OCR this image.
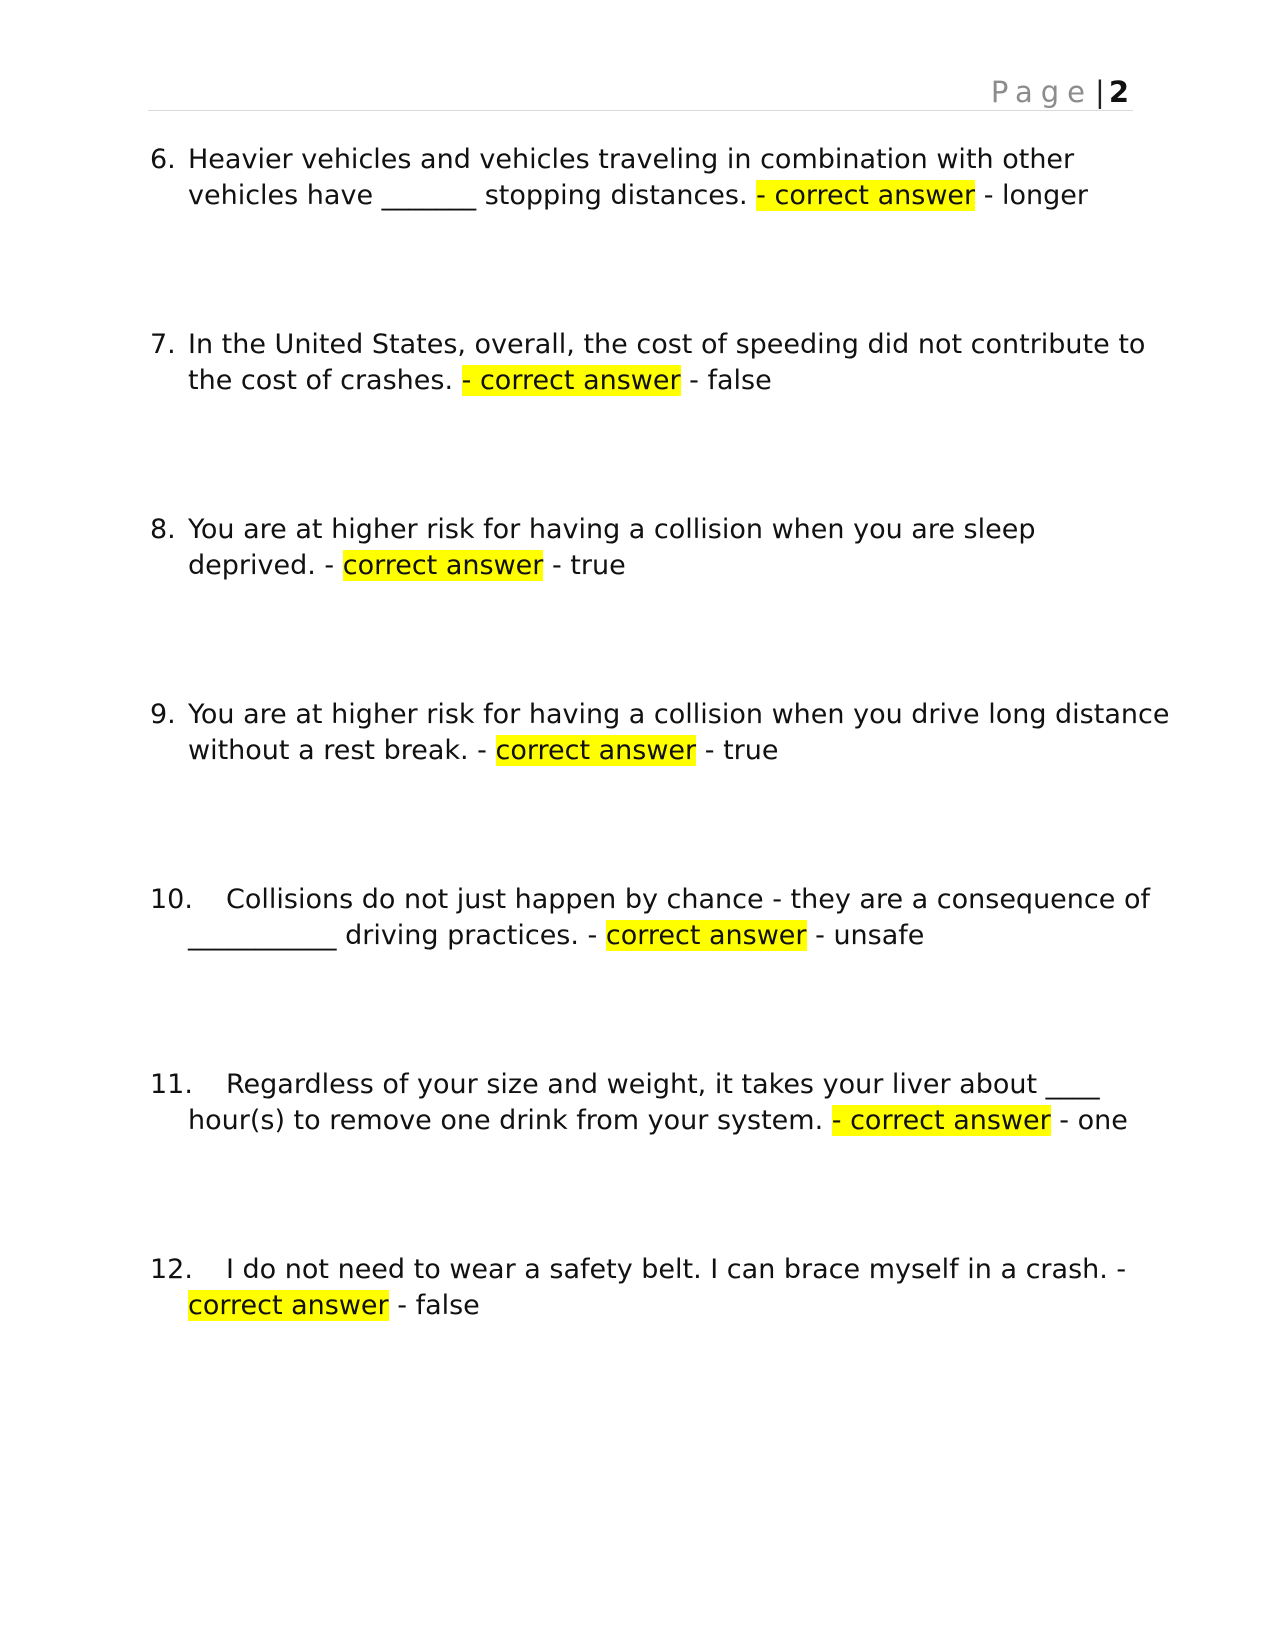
Page| 2
6. Heavier vehicles and vehicles traveling in combination with other
vehicles have _______ stopping distances. - correct answer - longer
7. In the United States, overall, the cost of speeding did not contribute to
the cost of crashes. - correct answer - false
8. You are at higher risk for having a collision when you are sleep
deprived. - correct answer - true
9. You are at higher risk for having a collision when you drive long distance
without a rest break. - correct answer - true
10.	Collisions do not just happen by chance - they are a consequence of
___________ driving practices. - correct answer - unsafe
11.	Regardless of your size and weight, it takes your liver about ____
hour(s) to remove one drink from your system. - correct answer - one
12.	I do not need to wear a safety belt. I can brace myself in a crash. -
correct answer - false
